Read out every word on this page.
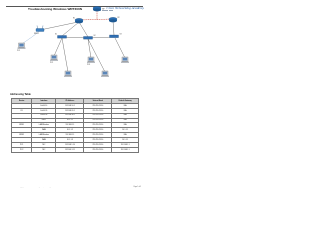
Troubleshooting Windows WRT300N	Cisco Networking Academy
ISP
R1	R2
WRS1	S1
S2
S3
PC1
PC2
PC3
Addressing Table
Device	Interface	IP Address	Subnet Mask	Default Gateway
	Fa0/0.10	192.168.10.1	255.255.255.0	N/A
R1	Fa0/0.20	192.168.20.1	255.255.255.0	N/A
	Fa0/0.30	192.168.30.1	255.255.255.0	N/A
	Fa0/1	10.1.1.1	255.255.255.0	N/A
WRS1	LAN/Wireless	192.168.1.1	255.255.255.0	N/A
	WAN	10.1.1.2	255.255.255.0	10.1.1.1
WRS2	LAN/Wireless	192.168.1.1	255.255.255.0	N/A
	WAN	10.1.1.3	255.255.255.0	10.1.1.1
PC1	NIC	192.168.1.10	255.255.255.0	192.168.1.1
PC2	NIC	192.168.1.11	255.255.255.0	192.168.1.1
All contents are Copyright © 1992–2007 Cisco Systems, Inc. All rights reserved. This document is Cisco Public Information.	Page 1 of 5
